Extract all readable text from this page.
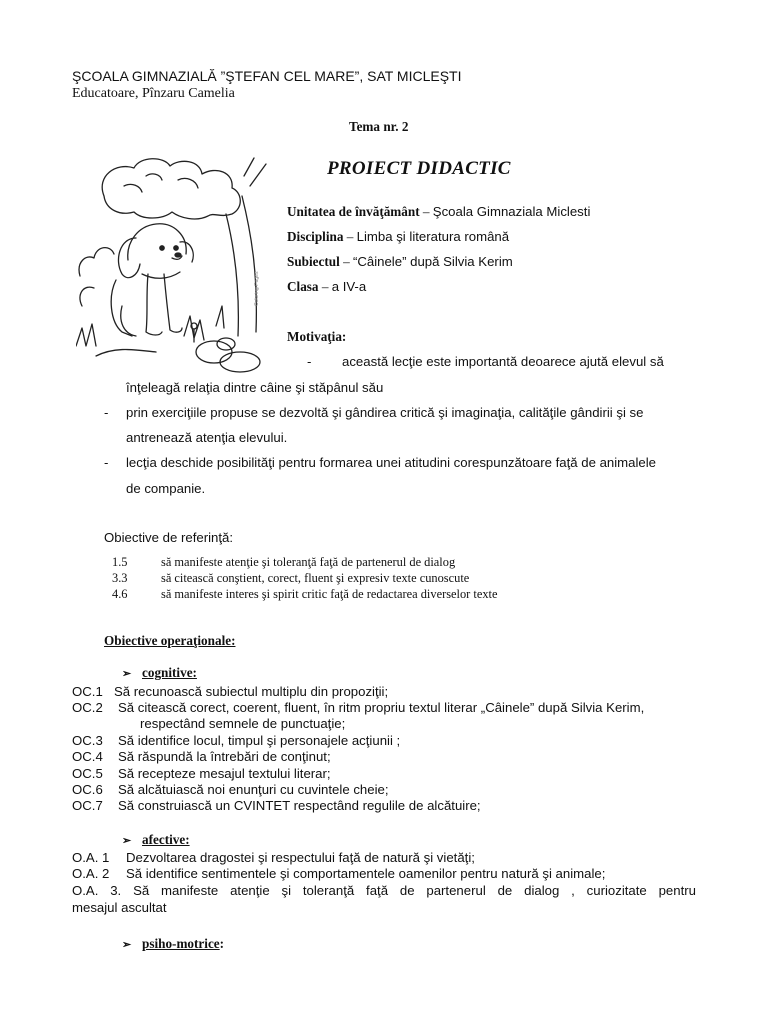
ŞCOALA GIMNAZIALĂ ”ŞTEFAN CEL MARE”, SAT MICLEŞTI
Educatoare, Pînzaru Camelia
Tema nr. 2
PROIECT DIDACTIC
Coloring-Pages
Unitatea de învăţământ – Şcoala Gimnaziala Miclesti
Disciplina – Limba şi literatura română
Subiectul – “Câinele” după Silvia Kerim
Clasa – a IV-a
Motivaţia:
- această lecţie este importantă deoarece ajută elevul să
înţeleagă relaţia dintre câine şi stăpânul său
- prin exerciţiile propuse se dezvoltă şi gândirea critică şi imaginaţia, calităţile gândirii şi se
antrenează atenţia elevului.
- lecţia deschide posibilităţi pentru formarea unei atitudini corespunzătoare faţă de animalele
de companie.
Obiective de referinţă:
1.5	să manifeste atenţie şi toleranţă faţă de partenerul de dialog
3.3	să citească conştient, corect, fluent şi expresiv texte cunoscute
4.6	să manifeste interes şi spirit critic faţă de redactarea diverselor texte
Obiective operaţionale:
➢ cognitive:
OC.1 Să recunoască subiectul multiplu din propoziţii;
OC.2 Să citească corect, coerent, fluent, în ritm propriu textul literar „Câinele” după Silvia Kerim,
respectând semnele de punctuaţie;
OC.3 Să identifice locul, timpul şi personajele acţiunii ;
OC.4 Să răspundă la întrebări de conţinut;
OC.5 Să recepteze mesajul textului literar;
OC.6 Să alcătuiască noi enunţuri cu cuvintele cheie;
OC.7 Să construiască un CVINTET respectând regulile de alcătuire;
➢ afective:
O.A. 1 Dezvoltarea dragostei şi respectului faţă de natură şi vietăţi;
O.A. 2 Să identifice sentimentele şi comportamentele oamenilor pentru natură şi animale;
O.A. 3. Să manifeste atenţie şi toleranţă faţă de partenerul de dialog , curiozitate pentru
mesajul ascultat
➢ psiho-motrice:
